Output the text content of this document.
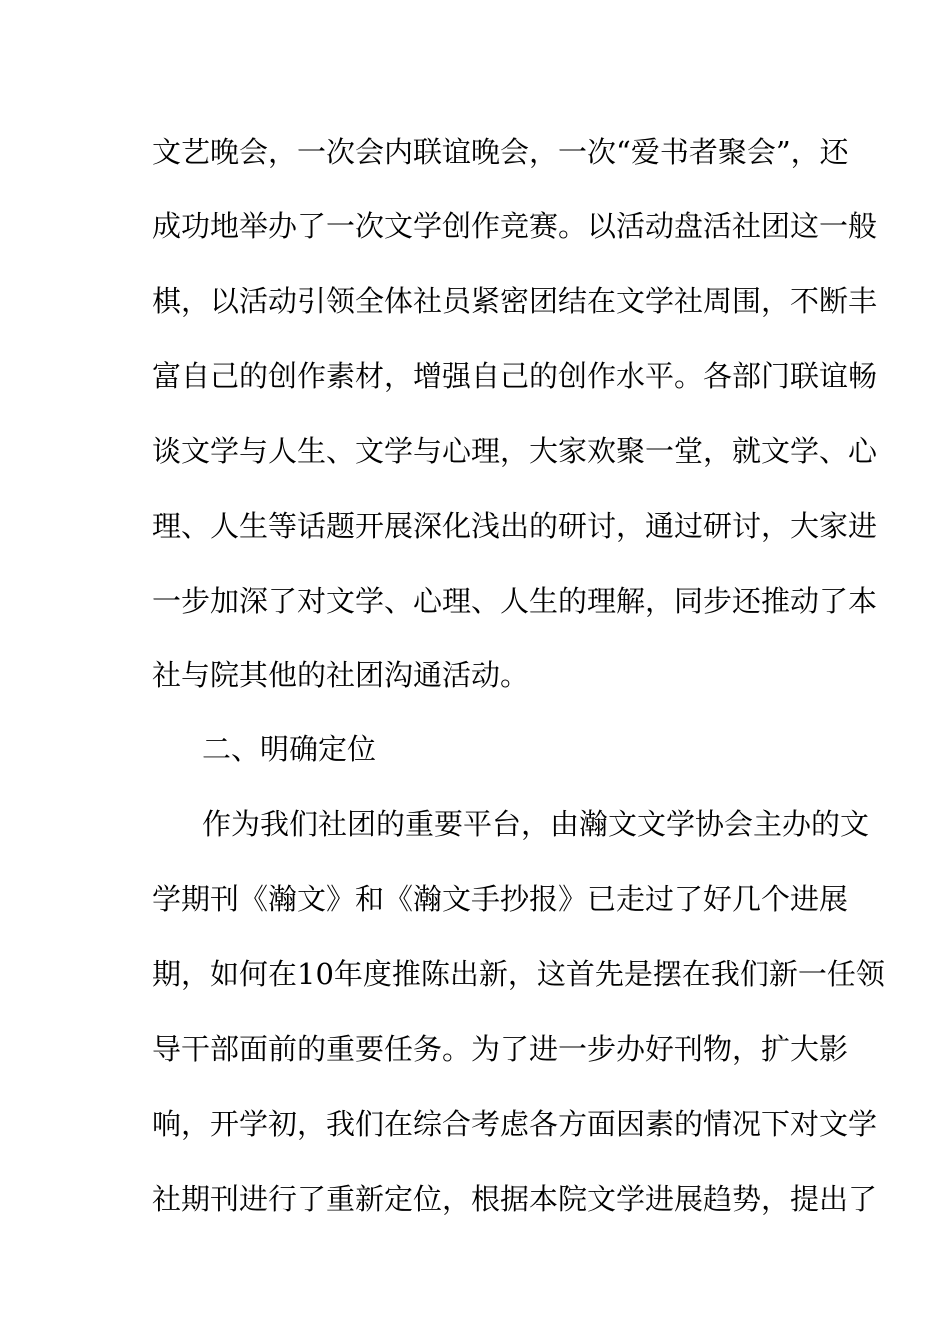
文艺晚会，一次会内联谊晚会，一次“爱书者聚会”，还
成功地举办了一次文学创作竞赛。以活动盘活社团这一般
棋，以活动引领全体社员紧密团结在文学社周围，不断丰
富自己的创作素材，增强自己的创作水平。各部门联谊畅
谈文学与人生、文学与心理，大家欢聚一堂，就文学、心
理、人生等话题开展深化浅出的研讨，通过研讨，大家进
一步加深了对文学、心理、人生的理解，同步还推动了本
社与院其他的社团沟通活动。
二、明确定位
作为我们社团的重要平台，由瀚文文学协会主办的文
学期刊《瀚文》和《瀚文手抄报》已走过了好几个进展
期，如何在10年度推陈出新，这首先是摆在我们新一任领
导干部面前的重要任务。为了进一步办好刊物，扩大影
响，开学初，我们在综合考虑各方面因素的情况下对文学
社期刊进行了重新定位，根据本院文学进展趋势，提出了
